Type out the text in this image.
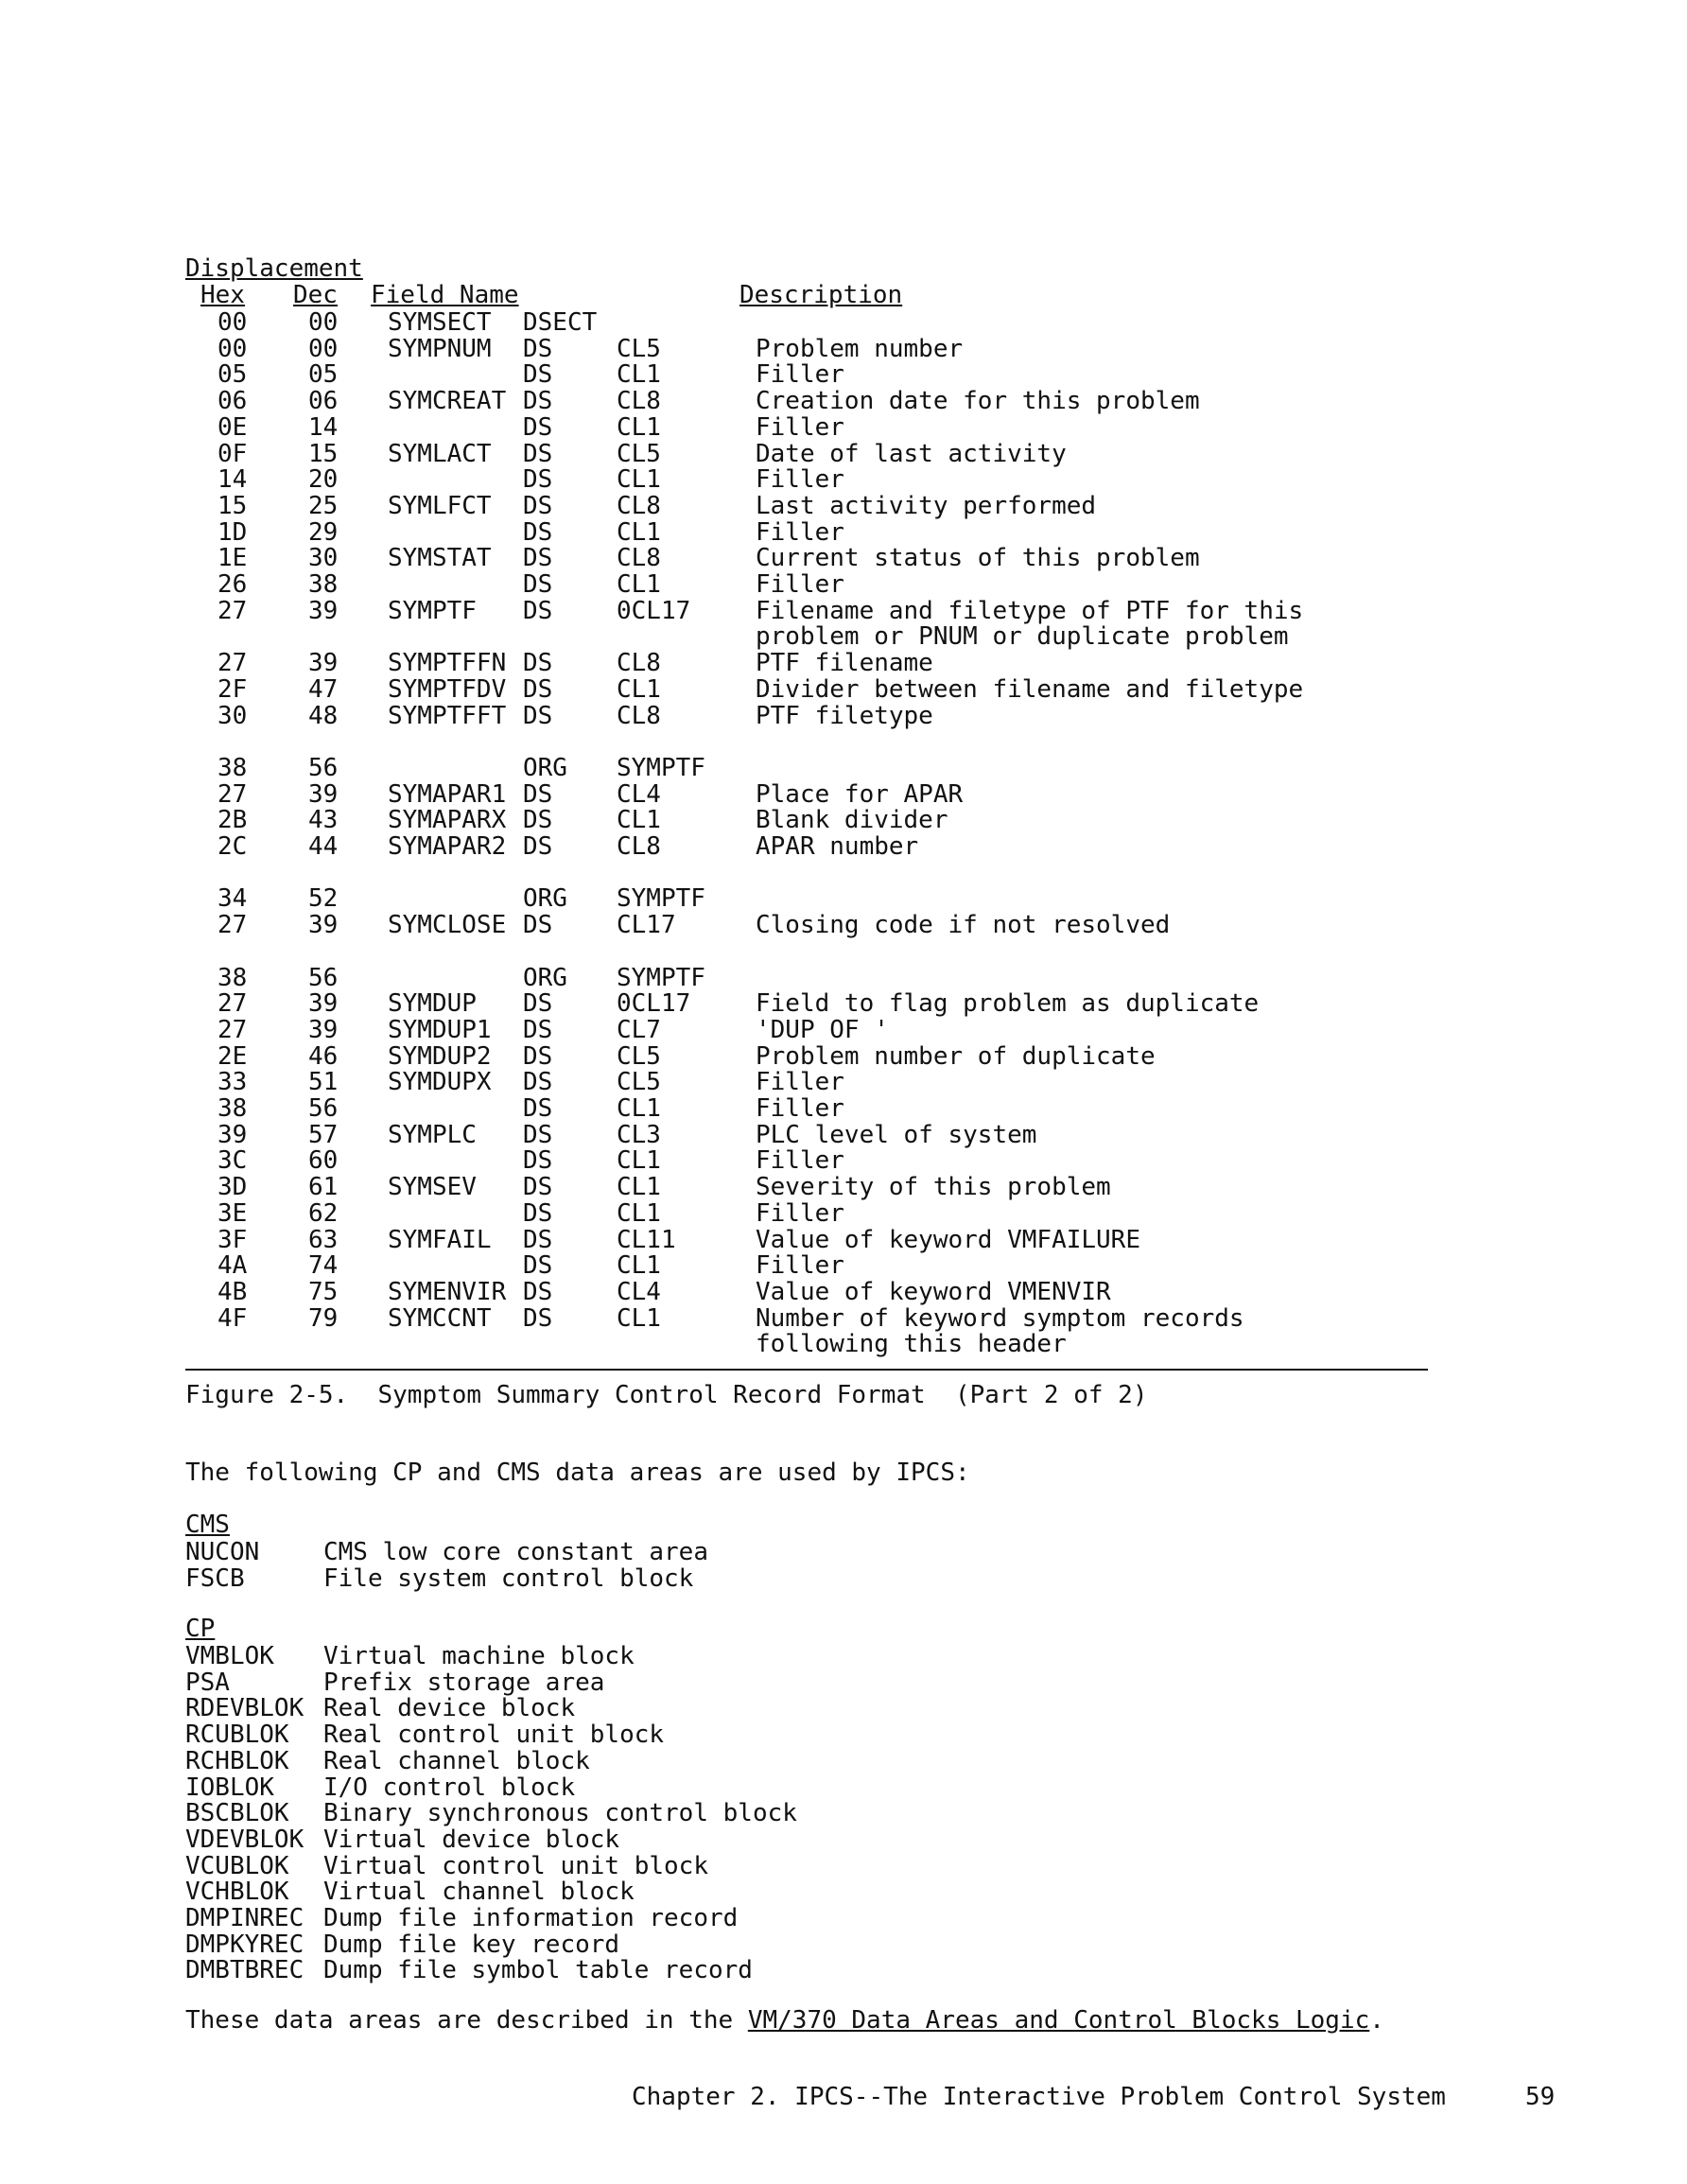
Displacement
Hex Dec Field Name	Description
00 00 SYMSECT DSECT
00 00 SYMPNUM DS	CL5	Problem number
05 05	DS	CL1	Filler
06 06 SYMCREAT DS	CL8	Creation date for this problem
0E 14	DS	CL1	Filler
0F 15 SYMLACT DS	CL5	Date of last activity
14 20	DS	CL1	Filler
15 25 SYMLFCT DS	CL8	Last activity performed
1D 29	DS	CL1	Filler
1E 30 SYMSTAT DS	CL8	Current status of this problem
26 38	DS	CL1	Filler
27 39 SYMPTF DS	0CL17	Filename and filetype of PTF for this
problem or PNUM or duplicate problem
27 39 SYMPTFFN DS	CL8	PTF filename
2F 47 SYMPTFDV DS	CL1	Divider between filename and filetype
30 48 SYMPTFFT DS	CL8	PTF filetype
38 56	ORG SYMPTF
27 39 SYMAPAR1 DS	CL4	Place for APAR
2B 43 SYMAPARX DS	CL1	Blank divider
2C 44 SYMAPAR2 DS	CL8	APAR number
34 52	ORG SYMPTF
27 39 SYMCLOSE DS	CL17	Closing code if not resolved
38 56	ORG SYMPTF
27 39 SYMDUP DS	0CL17	Field to flag problem as duplicate
27 39 SYMDUP1 DS	CL7	'DUP OF '
2E 46 SYMDUP2 DS	CL5	Problem number of duplicate
33 51 SYMDUPX DS	CL5	Filler
38 56	DS	CL1	Filler
39 57 SYMPLC DS	CL3	PLC level of system
3C 60	DS	CL1	Filler
3D 61 SYMSEV DS	CL1	Severity of this problem
3E 62	DS	CL1	Filler
3F 63 SYMFAIL DS	CL11	Value of keyword VMFAILURE
4A 74	DS	CL1	Filler
4B 75 SYMENVIR DS	CL4	Value of keyword VMENVIR
4F 79 SYMCCNT DS	CL1	Number of keyword symptom records
following this header
Figure 2-5.  Symptom Summary Control Record Format  (Part 2 of 2)
The following CP and CMS data areas are used by IPCS:
CMS
NUCON	CMS low core constant area
FSCB	File system control block
CP
VMBLOK Virtual machine block
PSA	Prefix storage area
RDEVBLOK Real device block
RCUBLOK Real control unit block
RCHBLOK Real channel block
IOBLOK I/O control block
BSCBLOK Binary synchronous control block
VDEVBLOK Virtual device block
VCUBLOK Virtual control unit block
VCHBLOK Virtual channel block
DMPINREC Dump file information record
DMPKYREC Dump file key record
DMBTBREC Dump file symbol table record
These data areas are described in the VM/370 Data Areas and Control Blocks Logic.
Chapter 2. IPCS--The Interactive Problem Control System	59
